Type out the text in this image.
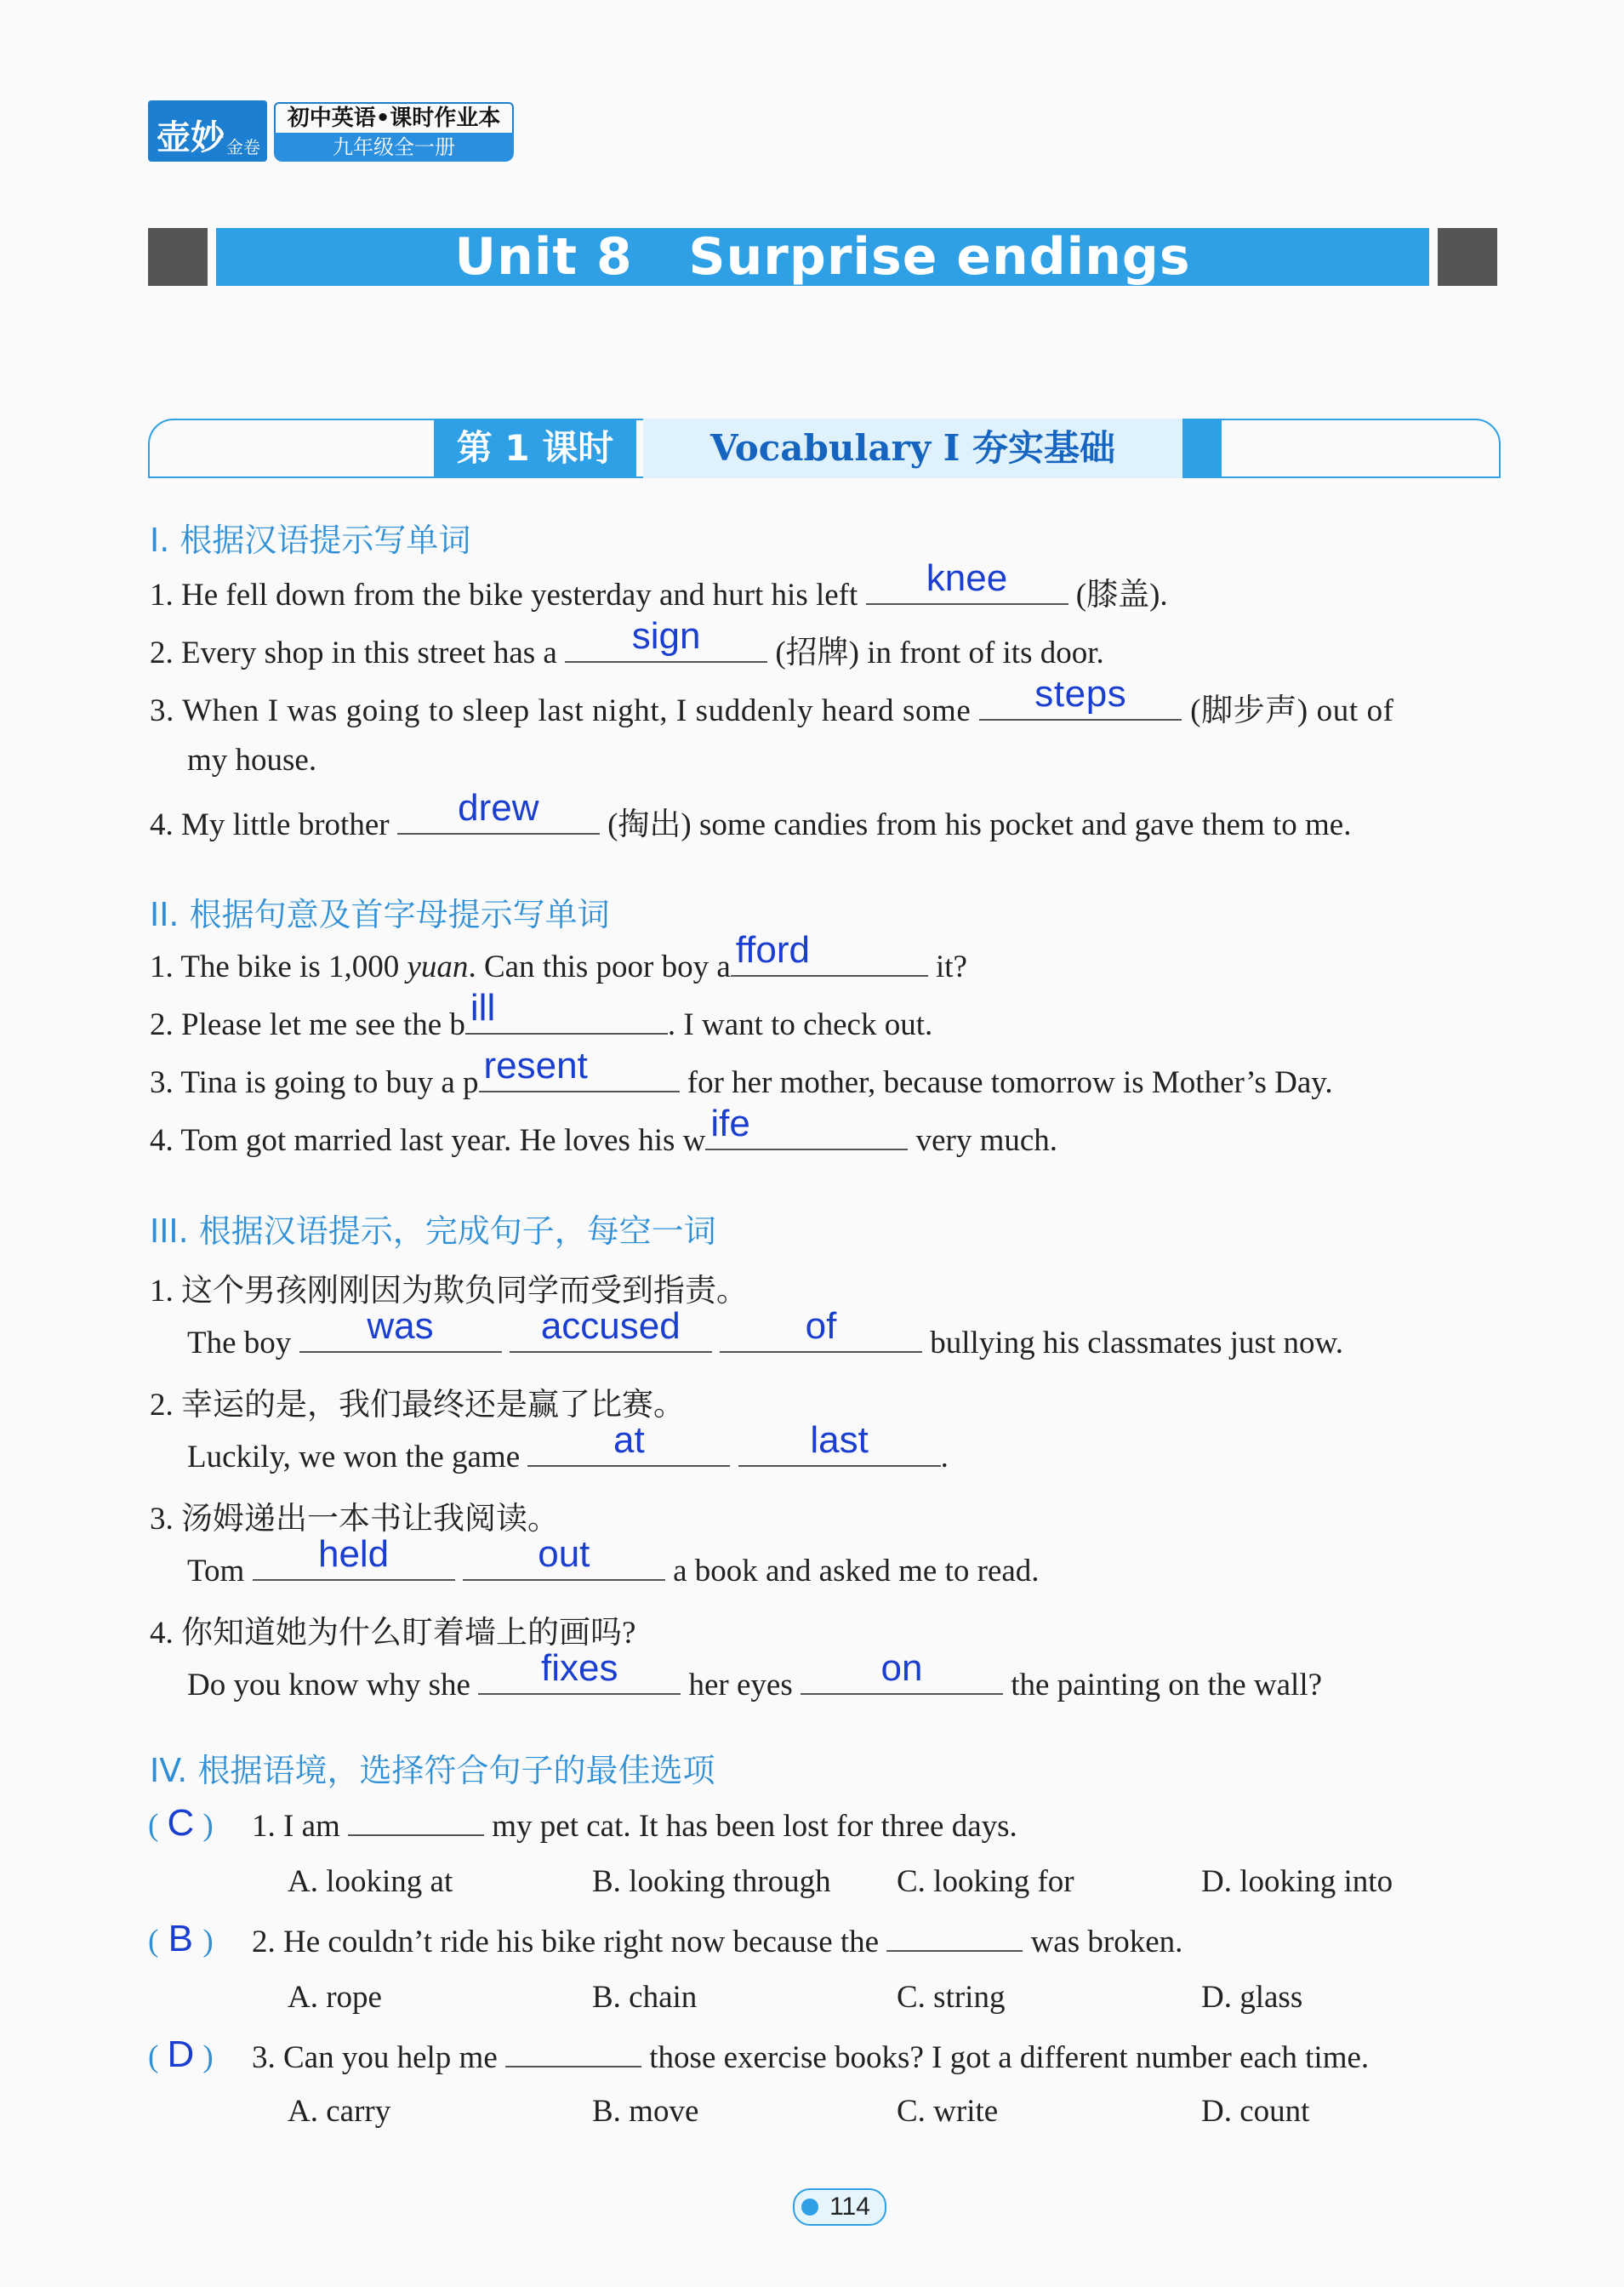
壶妙 金卷
初中英语•课时作业本
九年级全一册
Unit 8   Surprise endings
第 1 课时	Vocabulary Ⅰ 夯实基础
I. 根据汉语提示写单词
1. He fell down from the bike yesterday and hurt his left	knee	(膝盖).
2. Every shop in this street has a	sign	(招牌) in front of its door.
3. When I was going to sleep last night, I suddenly heard some	steps	(脚步声) out of
my house.
4. My little brother	drew	(掏出) some candies from his pocket and gave them to me.
II. 根据句意及首字母提示写单词
1. The bike is 1,000 yuan. Can this poor boy a fford	it?
2. Please let me see the b ill	. I want to check out.
3. Tina is going to buy a p resent	for her mother, because tomorrow is Mother’s Day.
4. Tom got married last year. He loves his w ife	very much.
III. 根据汉语提示，完成句子，每空一词
1. 这个男孩刚刚因为欺负同学而受到指责。
The boy	was
	accused
	of	bullying his classmates just now.
2. 幸运的是，我们最终还是赢了比赛。
Luckily, we won the game	at
	last	.
3. 汤姆递出一本书让我阅读。
Tom	held
	out	a book and asked me to read.
4. 你知道她为什么盯着墙上的画吗?
Do you know why she	fixes	her eyes	on	the painting on the wall?
IV. 根据语境，选择符合句子的最佳选项
( C ) 1. I am	my pet cat. It has been lost for three days.
A. looking at	B. looking through C. looking for	D. looking into
( B ) 2. He couldn’t ride his bike right now because the	was broken.
A. rope	B. chain	C. string	D. glass
( D ) 3. Can you help me	those exercise books? I got a different number each time.
A. carry	B. move	C. write	D. count
114
